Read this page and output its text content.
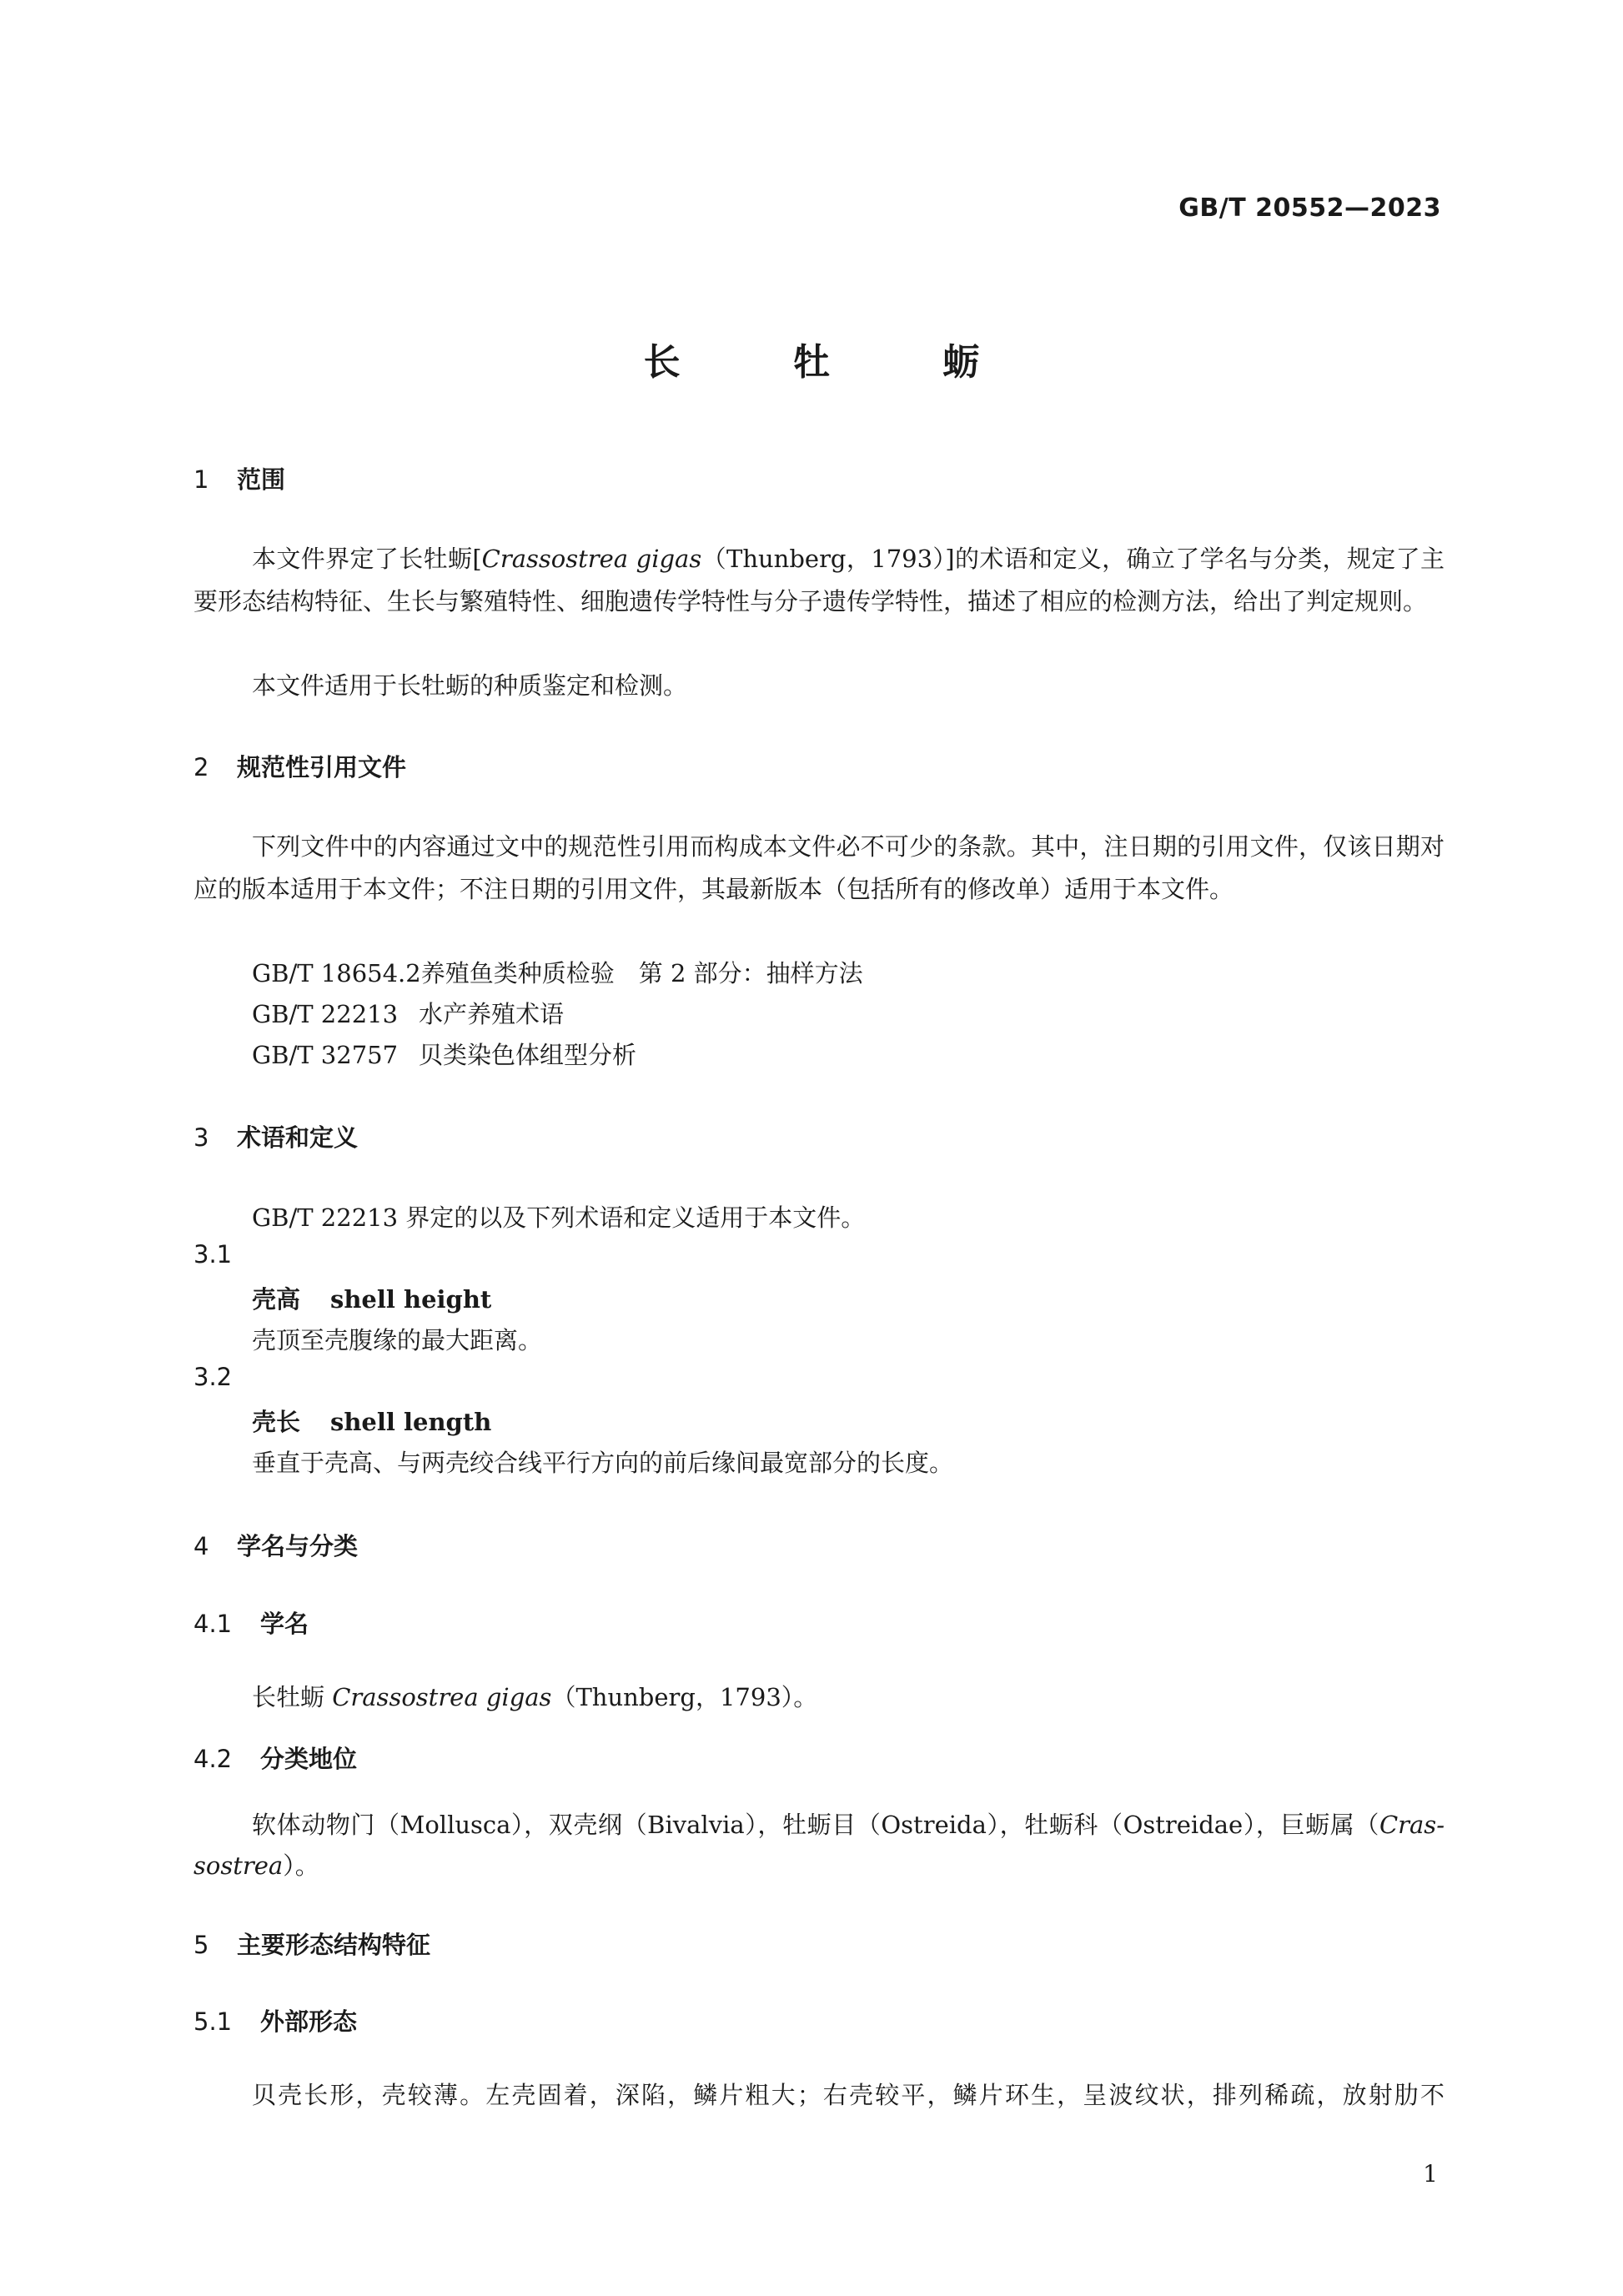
GB/T 20552—2023
长 牡 蛎
1 范围
本文件界定了长牡蛎[Crassostrea gigas（Thunberg，1793）]的术语和定义，确立了学名与分类，规定了主要形态结构特征、生长与繁殖特性、细胞遗传学特性与分子遗传学特性，描述了相应的检测方法，给出了判定规则。
本文件适用于长牡蛎的种质鉴定和检测。
2 规范性引用文件
下列文件中的内容通过文中的规范性引用而构成本文件必不可少的条款。其中，注日期的引用文件，仅该日期对应的版本适用于本文件；不注日期的引用文件，其最新版本（包括所有的修改单）适用于本文件。
GB/T 18654.2养殖鱼类种质检验　第 2 部分：抽样方法
GB/T 22213 水产养殖术语
GB/T 32757 贝类染色体组型分析
3 术语和定义
GB/T 22213 界定的以及下列术语和定义适用于本文件。
3.1
壳高 shell height
壳顶至壳腹缘的最大距离。
3.2
壳长 shell length
垂直于壳高、与两壳绞合线平行方向的前后缘间最宽部分的长度。
4 学名与分类
4.1 学名
长牡蛎 Crassostrea gigas（Thunberg，1793）。
4.2 分类地位
软体动物门（Mollusca），双壳纲（Bivalvia），牡蛎目（Ostreida），牡蛎科（Ostreidae），巨蛎属（Cras-
sostrea）。
5 主要形态结构特征
5.1 外部形态
贝壳长形，壳较薄。左壳固着，深陷，鳞片粗大；右壳较平，鳞片环生，呈波纹状，排列稀疏，放射肋不
1
